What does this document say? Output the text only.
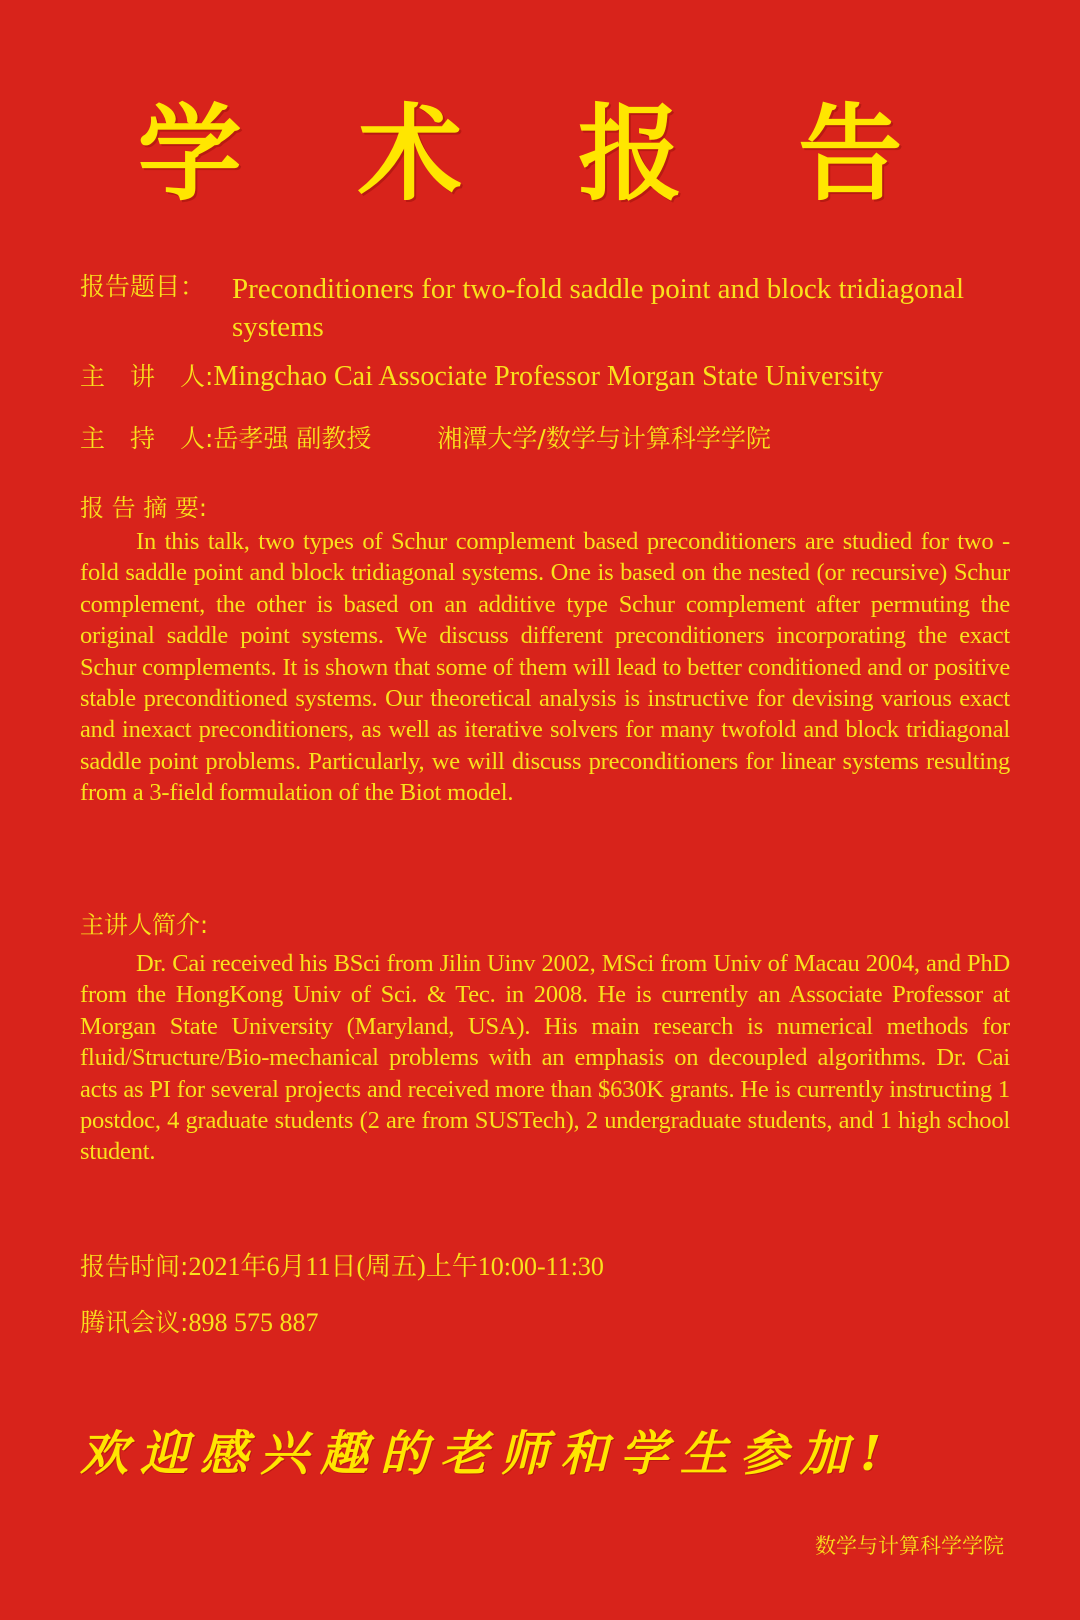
学 术 报 告
报告题目： Preconditioners for two-fold saddle point and block tridiagonal systems
主　讲　人:Mingchao Cai Associate Professor Morgan State University
主　持　人:岳孝强 副教授	湘潭大学/数学与计算科学学院
报 告 摘 要:
In this talk, two types of Schur complement based preconditioners are studied for two - fold saddle point and block tridiagonal systems. One is based on the nested (or recursive) Schur complement, the other is based on an additive type Schur complement after permuting the original saddle point systems. We discuss different preconditioners incorporating the exact Schur complements. It is shown that some of them will lead to better conditioned and or positive stable preconditioned systems. Our theoretical analysis is instructive for devising various exact and inexact preconditioners, as well as iterative solvers for many twofold and block tridiagonal saddle point problems. Particularly, we will discuss preconditioners for linear systems resulting from a 3-field formulation of the Biot model.
主讲人简介:
Dr. Cai received his BSci from Jilin Uinv 2002, MSci from Univ of Macau 2004, and PhD from the HongKong Univ of Sci. & Tec. in 2008. He is currently an Associate Professor at Morgan State University (Maryland, USA). His main research is numerical methods for fluid/Structure/Bio-mechanical problems with an emphasis on decoupled algorithms. Dr. Cai acts as PI for several projects and received more than $630K grants. He is currently instructing 1 postdoc, 4 graduate students (2 are from SUSTech), 2 undergraduate students, and 1 high school student.
报告时间:2021年6月11日(周五)上午10:00-11:30
腾讯会议:898 575 887
欢迎感兴趣的老师和学生参加!
数学与计算科学学院
